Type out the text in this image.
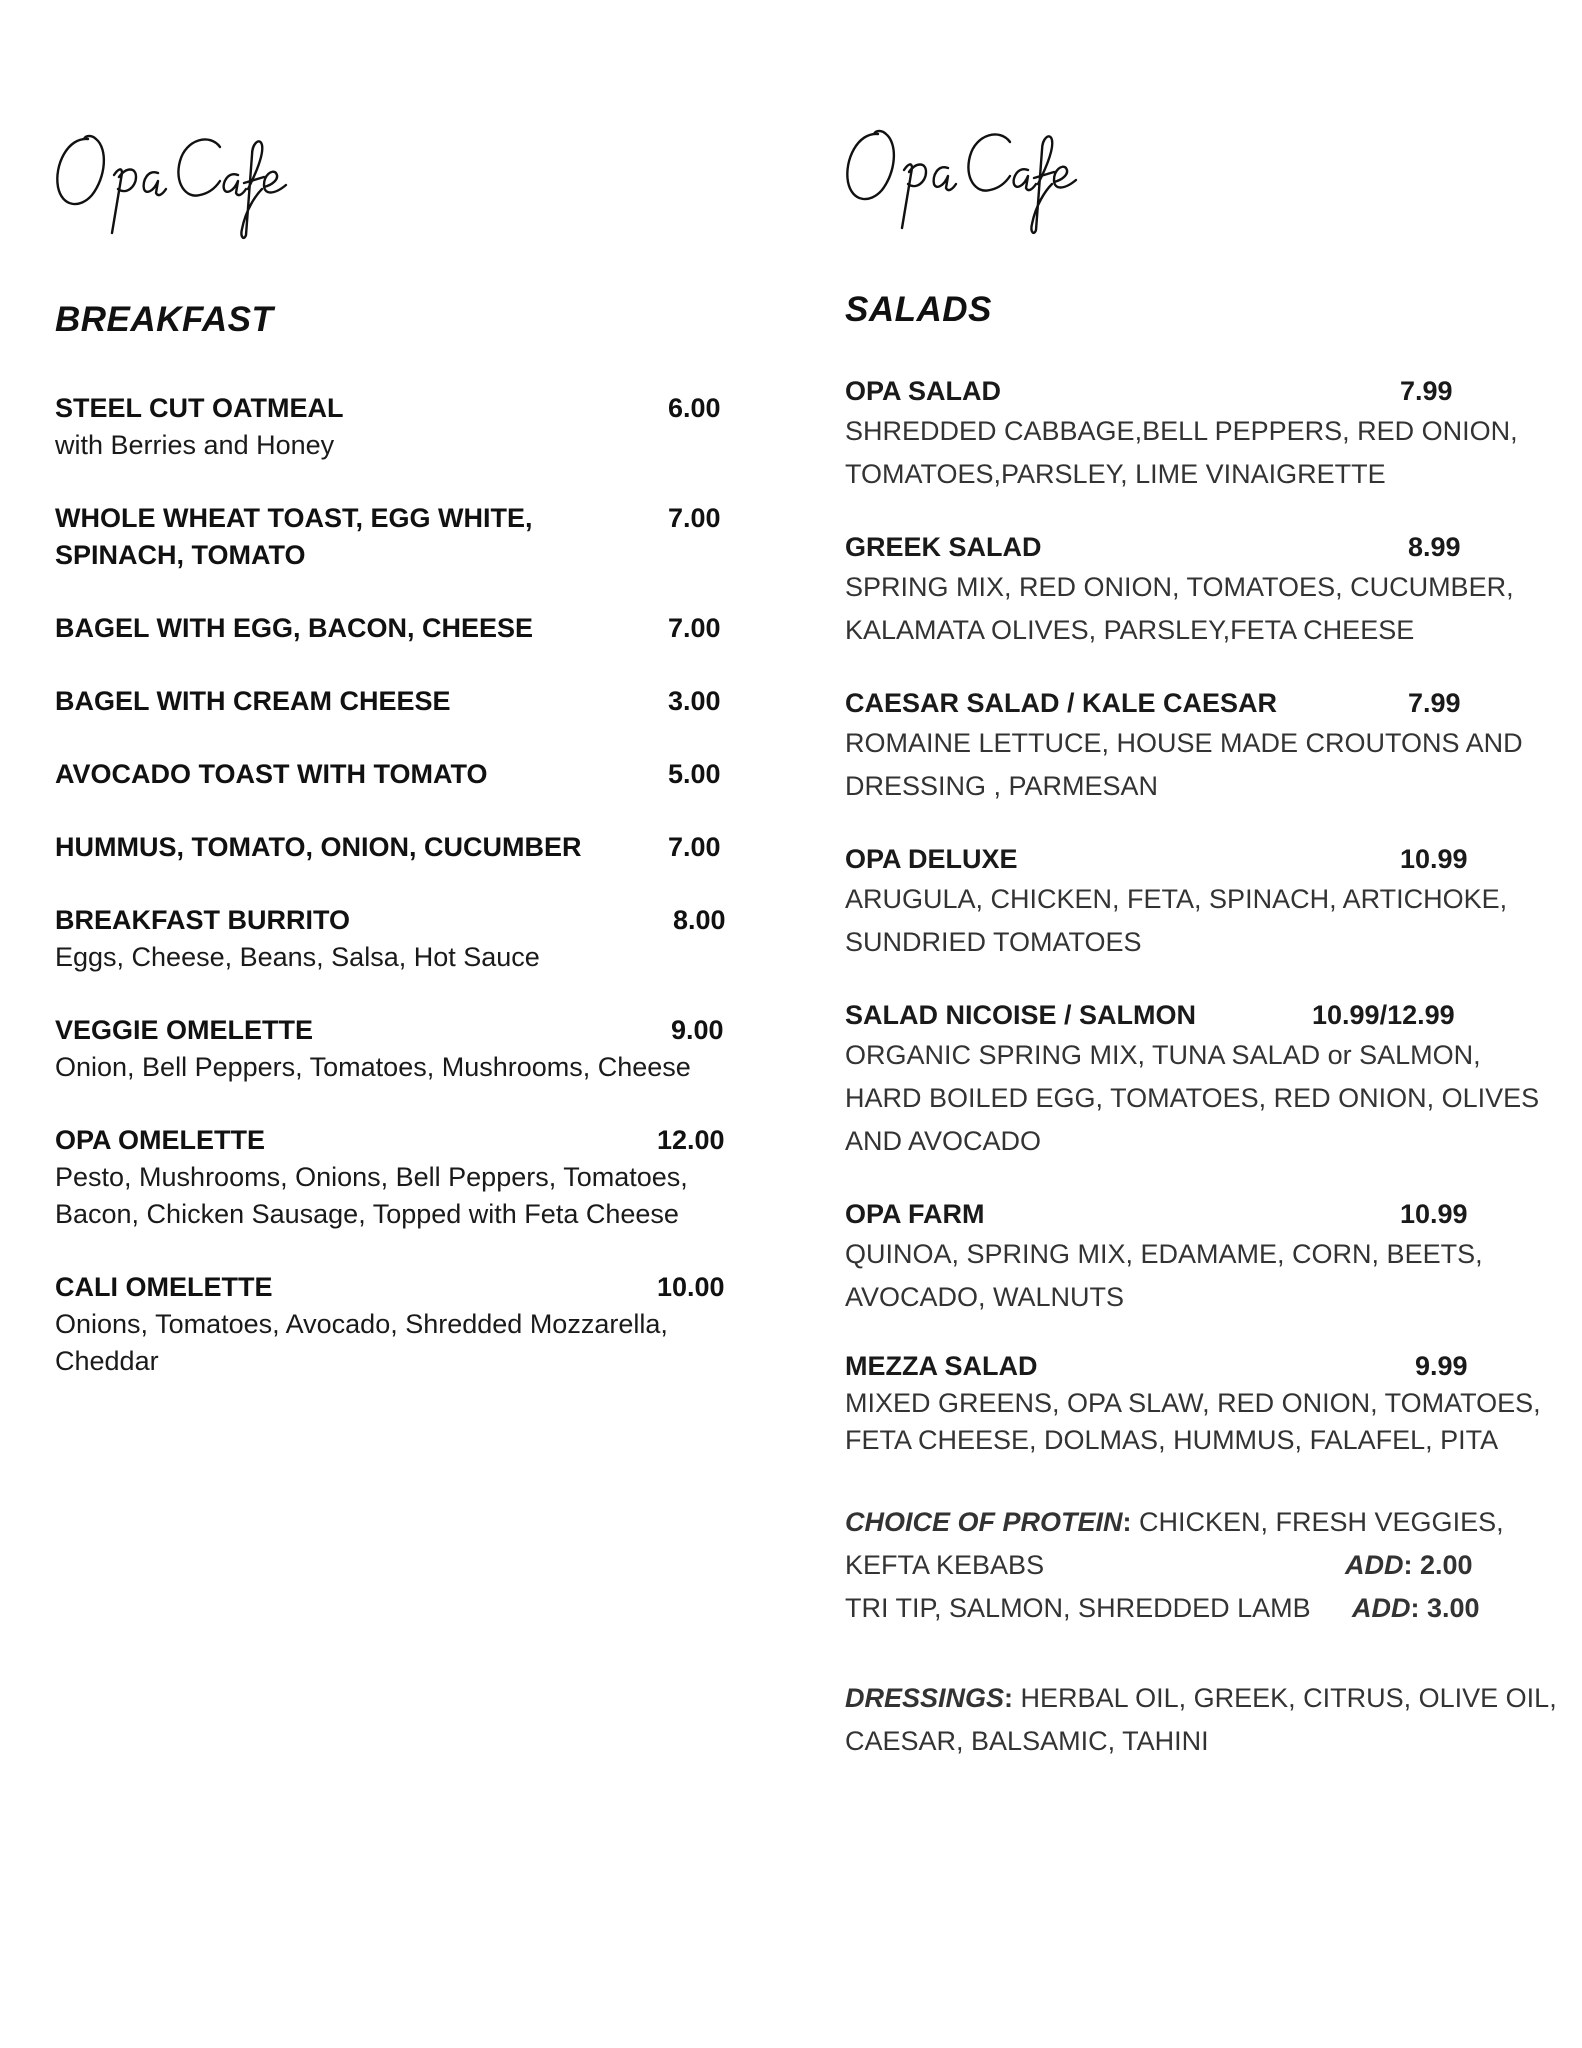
BREAKFAST
STEEL CUT OATMEAL	6.00
with Berries and Honey
WHOLE WHEAT TOAST, EGG WHITE,	7.00
SPINACH, TOMATO
BAGEL WITH EGG, BACON, CHEESE	7.00
BAGEL WITH CREAM CHEESE	3.00
AVOCADO TOAST WITH TOMATO	5.00
HUMMUS, TOMATO, ONION, CUCUMBER	7.00
BREAKFAST BURRITO	8.00
Eggs, Cheese, Beans, Salsa, Hot Sauce
VEGGIE OMELETTE	9.00
Onion, Bell Peppers, Tomatoes, Mushrooms, Cheese
OPA OMELETTE	12.00
Pesto, Mushrooms, Onions, Bell Peppers, Tomatoes,
Bacon, Chicken Sausage, Topped with Feta Cheese
CALI OMELETTE	10.00
Onions, Tomatoes, Avocado, Shredded Mozzarella,
Cheddar
SALADS
OPA SALAD	7.99
SHREDDED CABBAGE,BELL PEPPERS, RED ONION,
TOMATOES,PARSLEY, LIME VINAIGRETTE
GREEK SALAD	8.99
SPRING MIX, RED ONION, TOMATOES, CUCUMBER,
KALAMATA OLIVES, PARSLEY,FETA CHEESE
CAESAR SALAD / KALE CAESAR	7.99
ROMAINE LETTUCE, HOUSE MADE CROUTONS AND
DRESSING , PARMESAN
OPA DELUXE	10.99
ARUGULA, CHICKEN, FETA, SPINACH, ARTICHOKE,
SUNDRIED TOMATOES
SALAD NICOISE / SALMON	10.99/12.99
ORGANIC SPRING MIX, TUNA SALAD or SALMON,
HARD BOILED EGG, TOMATOES, RED ONION, OLIVES
AND AVOCADO
OPA FARM	10.99
QUINOA, SPRING MIX, EDAMAME, CORN, BEETS,
AVOCADO, WALNUTS
MEZZA SALAD	9.99
MIXED GREENS, OPA SLAW, RED ONION, TOMATOES,
FETA CHEESE, DOLMAS, HUMMUS, FALAFEL, PITA
CHOICE OF PROTEIN: CHICKEN, FRESH VEGGIES,
KEFTA KEBABS	ADD: 2.00
TRI TIP, SALMON, SHREDDED LAMB ADD: 3.00
DRESSINGS: HERBAL OIL, GREEK, CITRUS, OLIVE OIL,
CAESAR, BALSAMIC, TAHINI
